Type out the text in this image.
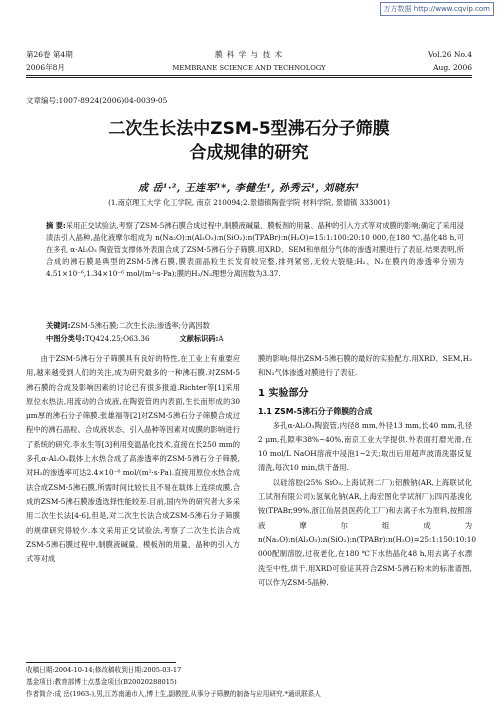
万方数据 http://www.cqvip.com
第26卷 第4期
2006年8月
膜 科 学 与 技 术
MEMBRANE SCIENCE AND TECHNOLOGY
Vol.26 No.4
Aug. 2006
文章编号:1007-8924(2006)04-0039-05
二次生长法中ZSM-5型沸石分子筛膜
合成规律的研究
成 岳¹·², 王连军¹*, 李健生¹, 孙秀云¹, 刘晓东¹
(1.南京理工大学 化工学院, 南京 210094;2.景德镇陶瓷学院 材料学院, 景德镇 333001)
摘 要:采用正交试验法,考察了ZSM-5沸石膜合成过程中,制膜液碱量、膜板剂的用量、晶种的引入方式等对成膜的影响;确定了采用浸渍法引入晶种,晶化液摩尔组成为 n(Na₂O):n(Al₂O₃):n(SiO₂):n(TPABr):n(H₂O)=15:1:100:20:10 000,在180 ℃,晶化48 h,可在多孔 α-Al₂O₃ 陶瓷管支撑体外表面合成了ZSM-5沸石分子筛膜.用XRD、SEM和单组分气体的渗透对膜进行了表征.结果表明,所合成的沸石膜是典型的ZSM-5沸石膜,膜表面晶粒生长发育较完整,排列紧密,无较大裂缝;H₂、N₂在膜内的渗透率分别为 4.51×10⁻⁶,1.34×10⁻⁶ mol/(m²·s·Pa);膜的H₂/N₂理想分离因数为3.37.
关键词:ZSM-5沸石膜;二次生长法;渗透率;分离因数
中图分类号:TQ424.25;O63.36	文献标识码:A

由于ZSM-5沸石分子筛膜具有良好的特性,在工业上有重要应用,越来越受到人们的关注,成为研究最多的一种沸石膜.对ZSM-5沸石膜的合成及影响因素的讨论已有很多报道.Richter等[1]采用原位水热法,用流动的合成液,在陶瓷管的内表面,生长而形成的30 μm厚的沸石分子筛膜.张雄福等[2]对ZSM-5沸石分子筛膜合成过程中的沸石晶粒、合成液状态、引入晶种等因素对成膜的影响进行了系统的研究.李永生等[3]利用变温晶化技术,直接在长250 mm的多孔α-Al₂O₃载体上水热合成了高渗透率的ZSM-5沸石分子筛膜,对H₂的渗透率可达2.4×10⁻⁶ mol/(m²·s·Pa).直接用原位水热合成法合成ZSM-5沸石膜,所需时间比较长且不易在载体上连续成膜,合成的ZSM-5沸石膜渗透选择性能较差.目前,国内外的研究者大多采用二次生长法[4-6],但是,对二次生长法合成ZSM-5沸石分子筛膜的规律研究得较少.本文采用正交试验法,考察了二次生长法合成ZSM-5沸石膜过程中,制膜液碱量、模板剂的用量、晶种的引入方式等对成

膜的影响;得出ZSM-5沸石膜的最好的实验配方.用XRD、SEM,H₂和N₂气体渗透对膜进行了表征.
1 实验部分
1.1 ZSM-5沸石分子筛膜的合成

多孔α-Al₂O₃陶瓷管,内径8 mm,外径13 mm,长40 mm,孔径2 μm,孔隙率38%~40%,南京工业大学提供.外表面打磨光滑,在10 mol/L NaOH溶液中浸泡1~2天;取出后用超声波清洗器反复清洗,每次10 min,烘干备用.

以硅溶胶(25% SiO₂,上海试剂二厂);铝酸钠(AR,上海联试化工试剂有限公司);氢氧化钠(AR,上海宏图化学试剂厂);四丙基溴化铵(TPABr,99%,浙江仙居县医药化工厂)和去离子水为原料,按照溶液摩尔组成为 n(Na₂O):n(Al₂O₃):n(SiO₂):n(TPABr):n(H₂O)=25:1:150:10:10 000配制溶胶,过夜老化,在180 ℃下水热晶化48 h,用去离子水漂洗至中性,烘干.用XRD可验证其符合ZSM-5沸石粉末的标准谱图,可以作为ZSM-5晶种.

收稿日期:2004-10-14;修改稿收到日期:2005-03-17
基金项目:教育部博士点基金项目(B20020288015)
作者简介:成 岳(1963-),男,江苏南通市人,博士生,副教授,从事分子筛膜的制备与应用研究.*通讯联系人
